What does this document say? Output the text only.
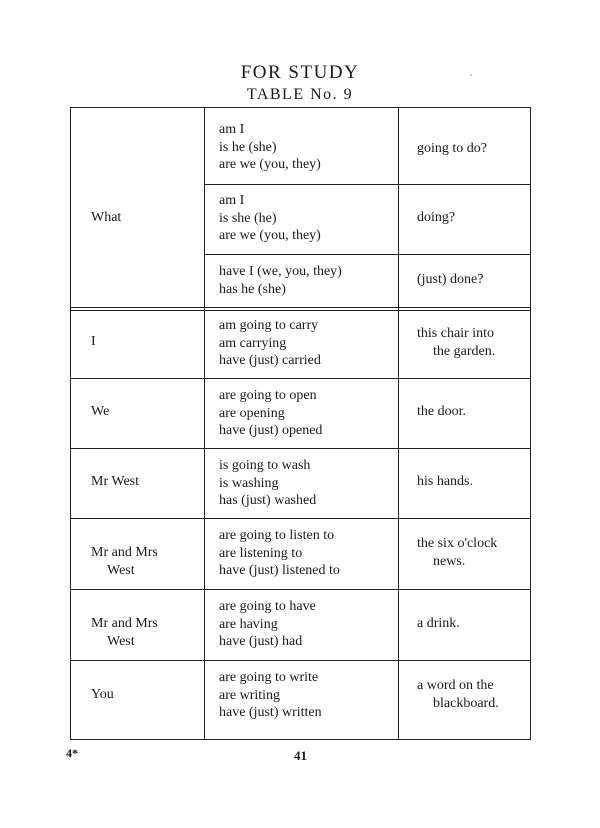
FOR STUDY
TABLE No. 9
What
am I
is he (she)
are we (you, they)
going to do?
am I
is she (he)
are we (you, they)
doing?
have I (we, you, they)
has he (she)
(just) done?
I
am going to carry
am carrying
have (just) carried
this chair into
the garden.
We
are going to open
are opening
have (just) opened
the door.
Mr West
is going to wash
is washing
has (just) washed
his hands.
Mr and Mrs
West
are going to listen to
are listening to
have (just) listened to
the six o'clock
news.
Mr and Mrs
West
are going to have
are having
have (just) had
a drink.
You
are going to write
are writing
have (just) written
a word on the
blackboard.
4*	41
